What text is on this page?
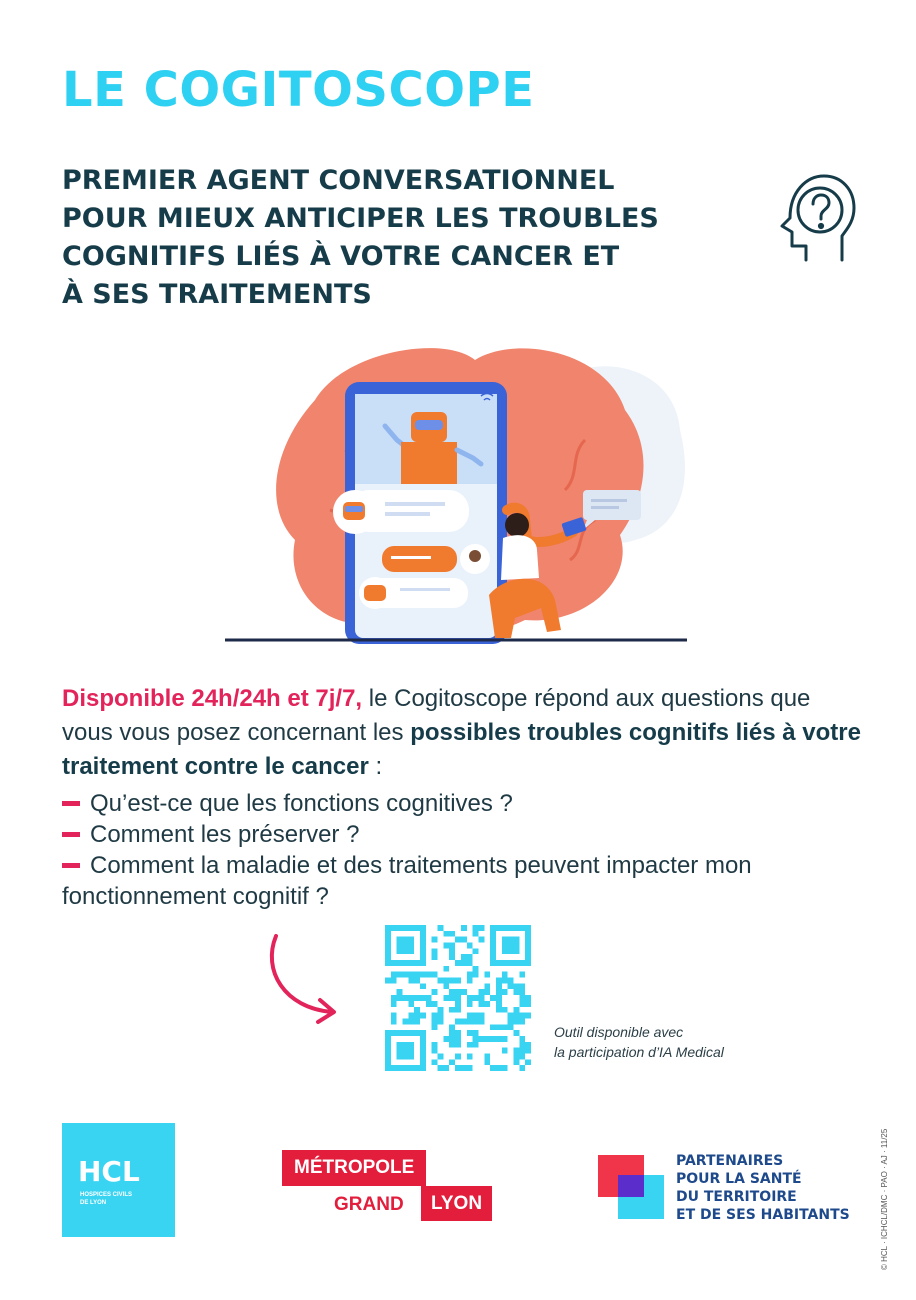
LE COGITOSCOPE
PREMIER AGENT CONVERSATIONNEL
POUR MIEUX ANTICIPER LES TROUBLES
COGNITIFS LIÉS À VOTRE CANCER ET
À SES TRAITEMENTS

Disponible 24h/24h et 7j/7, le Cogitoscope répond aux questions que vous vous posez concernant les possibles troubles cognitifs liés à votre traitement contre le cancer :

Qu’est-ce que les fonctions cognitives ?
Comment les préserver ?
Comment la maladie et des traitements peuvent impacter mon fonctionnement cognitif ?
Outil disponible avec
la participation d’IA Medical
HCL
HOSPICES CIVILS
DE LYON
MÉTROPOLE
GRAND	LYON
PARTENAIRES
POUR LA SANTÉ
DU TERRITOIRE
ET DE SES HABITANTS	© HCL · ICHCL/DMC · PAO · AJ · 11/25
